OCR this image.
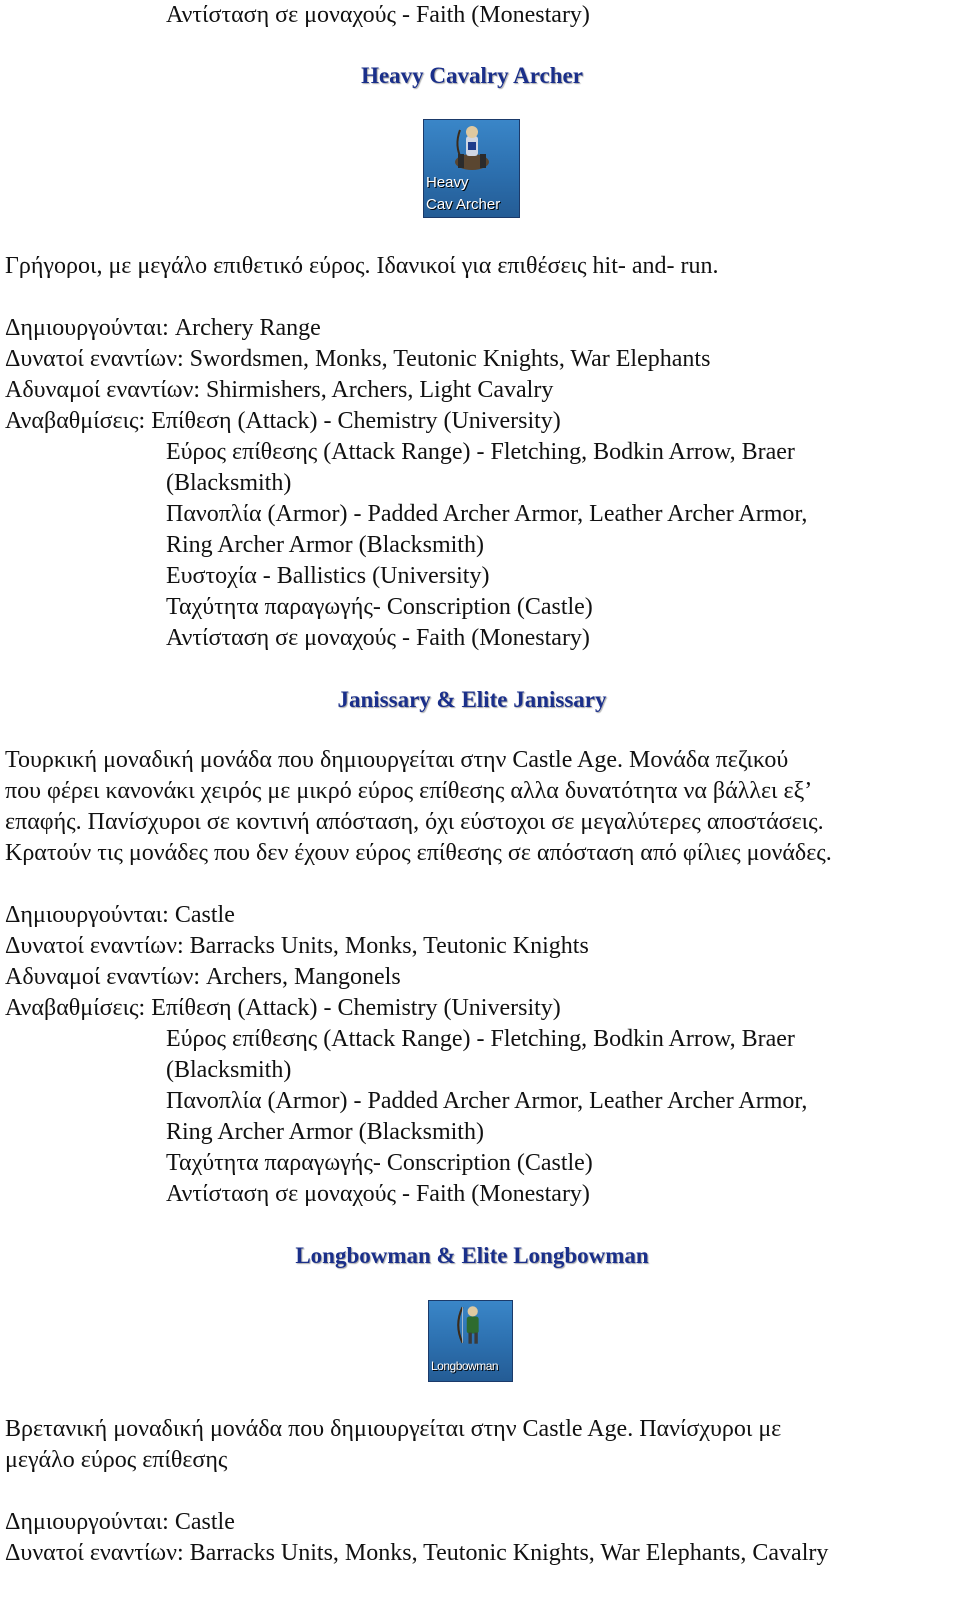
Αντίσταση σε μοναχούς - Faith (Monestary)
Heavy Cavalry Archer
Heavy
Cav Archer
Γρήγοροι, με μεγάλο επιθετικό εύρος. Ιδανικοί για επιθέσεις hit- and- run.
Δημιουργούνται: Archery Range
Δυνατοί εναντίων: Swordsmen, Monks, Teutonic Knights, War Elephants
Αδυναμοί εναντίων: Shirmishers, Archers, Light Cavalry
Αναβαθμίσεις: Επίθεση (Attack) - Chemistry (University)
Εύρος επίθεσης (Attack Range) - Fletching, Bodkin Arrow, Braer
(Blacksmith)
Πανοπλία (Armor) - Padded Archer Armor, Leather Archer Armor,
Ring Archer Armor (Blacksmith)
Ευστοχία - Ballistics (University)
Ταχύτητα παραγωγής- Conscription (Castle)
Αντίσταση σε μοναχούς - Faith (Monestary)
Janissary & Elite Janissary
Τουρκική μοναδική μονάδα που δημιουργείται στην Castle Age. Μονάδα πεζικού
που φέρει κανονάκι χειρός με μικρό εύρος επίθεσης αλλα δυνατότητα να βάλλει εξ’
επαφής. Πανίσχυροι σε κοντινή απόσταση, όχι εύστοχοι σε μεγαλύτερες αποστάσεις.
Κρατούν τις μονάδες που δεν έχουν εύρος επίθεσης σε απόσταση από φίλιες μονάδες.
Δημιουργούνται: Castle
Δυνατοί εναντίων: Barracks Units, Monks, Teutonic Knights
Αδυναμοί εναντίων: Archers, Mangonels
Αναβαθμίσεις: Επίθεση (Attack) - Chemistry (University)
Εύρος επίθεσης (Attack Range) - Fletching, Bodkin Arrow, Braer
(Blacksmith)
Πανοπλία (Armor) - Padded Archer Armor, Leather Archer Armor,
Ring Archer Armor (Blacksmith)
Ταχύτητα παραγωγής- Conscription (Castle)
Αντίσταση σε μοναχούς - Faith (Monestary)
Longbowman & Elite Longbowman
Longbowman
Βρετανική μοναδική μονάδα που δημιουργείται στην Castle Age. Πανίσχυροι με
μεγάλο εύρος επίθεσης
Δημιουργούνται: Castle
Δυνατοί εναντίων: Barracks Units, Monks, Teutonic Knights, War Elephants, Cavalry
